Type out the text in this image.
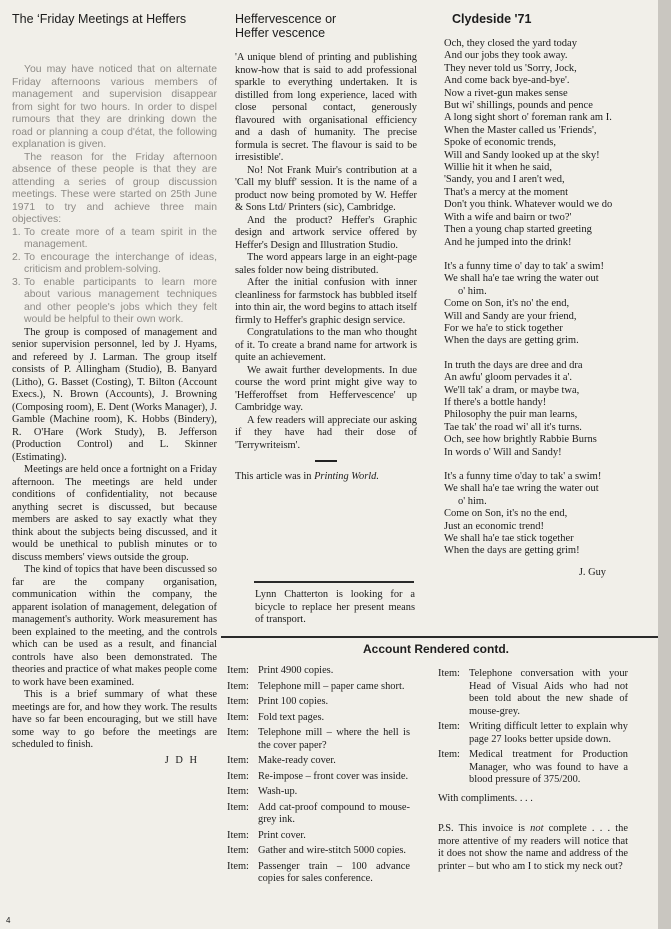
The ‘Friday Meetings at Heffers

You may have noticed that on alternate Friday afternoons various members of management and supervision disappear from sight for two hours. In order to dispel rumours that they are drinking down the road or planning a coup d'état, the following explanation is given.

The reason for the Friday afternoon absence of these people is that they are attending a series of group discussion meetings. These were started on 25th June 1971 to try and achieve three main objectives:

1. To create more of a team spirit in the management.
2. To encourage the interchange of ideas, criticism and problem-solving.
3. To enable participants to learn more about various management techniques and other people's jobs which they felt would be helpful to their own work.

The group is composed of management and senior supervision personnel, led by J. Hyams, and refereed by J. Larman. The group itself consists of P. Allingham (Studio), B. Banyard (Litho), G. Basset (Costing), T. Bilton (Account Execs.), N. Brown (Accounts), J. Browning (Composing room), E. Dent (Works Manager), J. Gamble (Machine room), K. Hobbs (Bindery), R. O'Hare (Work Study), B. Jefferson (Production Control) and L. Skinner (Estimating).

Meetings are held once a fortnight on a Friday afternoon. The meetings are held under conditions of confidentiality, not because anything secret is discussed, but because members are asked to say exactly what they think about the subjects being discussed, and it would be unethical to publish minutes or to discuss members' views outside the group.

The kind of topics that have been discussed so far are the company organisation, communication within the company, the apparent isolation of management, delegation of management's authority. Work measurement has been explained to the meeting, and the controls which can be used as a result, and financial controls have also been demonstrated. The theories and practice of what makes people come to work have been examined.

This is a brief summary of what these meetings are for, and how they work. The results have so far been encouraging, but we still have some way to go before the meetings are scheduled to finish.

J D H

4
Heffervescence or
Heffer vescence

'A unique blend of printing and publishing know-how that is said to add professional sparkle to everything undertaken. It is distilled from long experience, laced with close personal contact, generously flavoured with organisational efficiency and a dash of humanity. The precise formula is secret. The flavour is said to be irresistible'.

No! Not Frank Muir's contribution at a 'Call my bluff' session. It is the name of a product now being promoted by W. Heffer & Sons Ltd/ Printers (sic), Cambridge.

And the product? Heffer's Graphic design and artwork service offered by Heffer's Design and Illustration Studio.

The word appears large in an eight-page sales folder now being distributed.

After the initial confusion with inner cleanliness for farmstock has bubbled itself into thin air, the word begins to attach itself firmly to Heffer's graphic design service.

Congratulations to the man who thought of it. To create a brand name for artwork is quite an achievement.

We await further developments. In due course the word print might give way to 'Hefferoffset from Heffervescence' up Cambridge way.

A few readers will appreciate our asking if they have had their dose of 'Terrywriteism'.

This article was in Printing World.

Lynn Chatterton is looking for a bicycle to replace her present means of transport.

Clydeside '71

Och, they closed the yard today

And our jobs they took away.

They never told us 'Sorry, Jock,

And come back bye-and-bye'.

Now a rivet-gun makes sense

But wi' shillings, pounds and pence

A long sight short o' foreman rank am I.

When the Master called us 'Friends',

Spoke of economic trends,

Will and Sandy looked up at the sky!

Willie hit it when he said,

'Sandy, you and I aren't wed,

That's a mercy at the moment

Don't you think. Whatever would we do

With a wife and bairn or two?'

Then a young chap started greeting

And he jumped into the drink!

It's a funny time o' day to tak' a swim!

We shall ha'e tae wring the water out

o' him.

Come on Son, it's no' the end,

Will and Sandy are your friend,

For we ha'e to stick together

When the days are getting grim.

In truth the days are dree and dra

An awfu' gloom pervades it a'.

We'll tak' a dram, or maybe twa,

If there's a bottle handy!

Philosophy the puir man learns,

Tae tak' the road wi' all it's turns.

Och, see how brightly Rabbie Burns

In words o' Will and Sandy!

It's a funny time o'day to tak' a swim!

We shall ha'e tae wring the water out

o' him.

Come on Son, it's no the end,

Just an economic trend!

We shall ha'e tae stick together

When the days are getting grim!

J. Guy

Account Rendered contd.
Item: Print 4900 copies.
Item: Telephone mill – paper came short.
Item: Print 100 copies.
Item: Fold text pages.
Item: Telephone mill – where the hell is the cover paper?
Item: Make-ready cover.
Item: Re-impose – front cover was inside.
Item: Wash-up.
Item: Add cat-proof compound to mouse-grey ink.
Item: Print cover.
Item: Gather and wire-stitch 5000 copies.
Item: Passenger train – 100 advance copies for sales conference.
Item: Telephone conversation with your Head of Visual Aids who had not been told about the new shade of mouse-grey.
Item: Writing difficult letter to explain why page 27 looks better upside down.
Item: Medical treatment for Production Manager, who was found to have a blood pressure of 375/200.

With compliments. . . .

P.S. This invoice is not complete . . . the more attentive of my readers will notice that it does not show the name and address of the printer – but who am I to stick my neck out?
